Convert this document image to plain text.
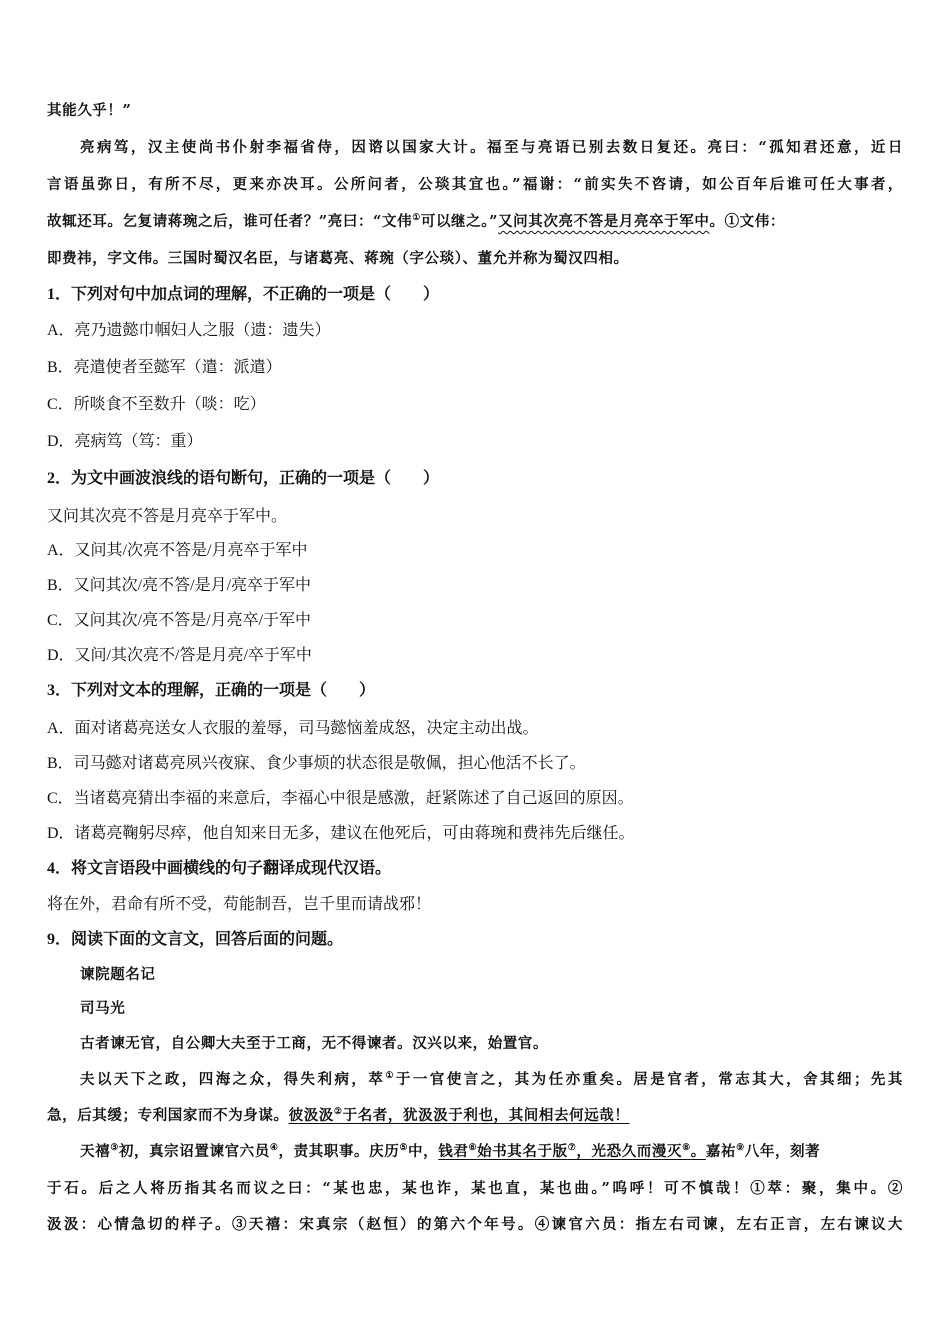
其能久乎！”
亮病笃，汉主使尚书仆射李福省侍，因谘以国家大计。福至与亮语已别去数日复还。亮曰：“孤知君还意，近日
言语虽弥日，有所不尽，更来亦决耳。公所问者，公琰其宜也。”福谢：“前实失不咨请，如公百年后谁可任大事者，
故辄还耳。乞复请蒋琬之后，谁可任者？”亮曰：“文伟①可以继之。”又问其次亮不答是月亮卒于军中。①文伟：
即费祎，字文伟。三国时蜀汉名臣，与诸葛亮、蒋琬（字公琰）、董允并称为蜀汉四相。
1．下列对句中加点词的理解，不正确的一项是（　　）
A．亮乃遗懿巾帼妇人之服（遗：遗失）
B．亮遣使者至懿军（遣：派遣）
C．所啖食不至数升（啖：吃）
D．亮病笃（笃：重）
2．为文中画波浪线的语句断句，正确的一项是（　　）
又问其次亮不答是月亮卒于军中。
A．又问其/次亮不答是/月亮卒于军中
B．又问其次/亮不答/是月/亮卒于军中
C．又问其次/亮不答是/月亮卒/于军中
D．又问/其次亮不/答是月亮/卒于军中
3．下列对文本的理解，正确的一项是（　　）
A．面对诸葛亮送女人衣服的羞辱，司马懿恼羞成怒，决定主动出战。
B．司马懿对诸葛亮夙兴夜寐、食少事烦的状态很是敬佩，担心他活不长了。
C．当诸葛亮猜出李福的来意后，李福心中很是感激，赶紧陈述了自己返回的原因。
D．诸葛亮鞠躬尽瘁，他自知来日无多，建议在他死后，可由蒋琬和费祎先后继任。
4．将文言语段中画横线的句子翻译成现代汉语。
将在外，君命有所不受，苟能制吾，岂千里而请战邪！
9．阅读下面的文言文，回答后面的问题。
谏院题名记
司马光
古者谏无官，自公卿大夫至于工商，无不得谏者。汉兴以来，始置官。
夫以天下之政，四海之众，得失利病，萃①于一官使言之，其为任亦重矣。居是官者，常志其大，舍其细；先其
急，后其缓；专利国家而不为身谋。彼汲汲②于名者，犹汲汲于利也，其间相去何远哉！
天禧③初，真宗诏置谏官六员④，责其职事。庆历⑤中，钱君⑥始书其名于版⑦，光恐久而漫灭⑧。嘉祐⑨八年，刻著
于石。后之人将历指其名而议之曰：“某也忠，某也诈，某也直，某也曲。”呜呼！可不慎哉！①萃：聚，集中。②
汲汲：心情急切的样子。③天禧：宋真宗（赵恒）的第六个年号。④谏官六员：指左右司谏，左右正言，左右谏议大
